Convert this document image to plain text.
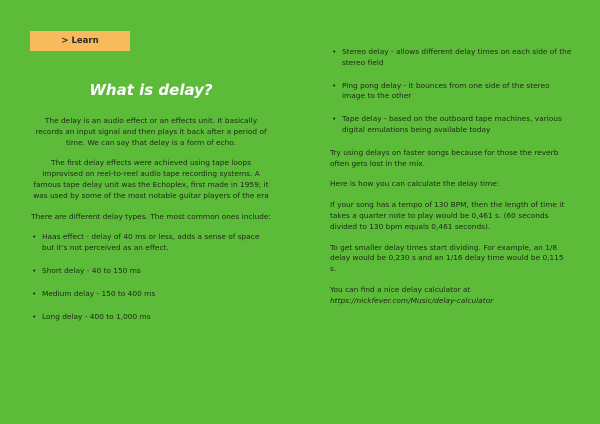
> Learn
What is delay?

The delay is an audio effect or an effects unit. It basically records an input signal and then plays it back after a period of time. We can say that delay is a form of echo.

The first delay effects were achieved using tape loops improvised on reel-to-reel audio tape recording systems. A famous tape delay unit was the Echoplex, first made in 1959; it was used by some of the most notable guitar players of the era

There are different delay types. The most common ones include:

• Haas effect - delay of 40 ms or less, adds a sense of space but it's not perceived as an effect.
• Short delay - 40 to 150 ms
• Medium delay - 150 to 400 ms
• Long delay - 400 to 1,000 ms
• Stereo delay - allows different delay times on each side of the stereo field
• Ping pong delay - it bounces from one side of the stereo image to the other
• Tape delay - based on the outboard tape machines, various digital emulations being available today

Try using delays on faster songs because for those the reverb often gets lost in the mix.

Here is how you can calculate the delay time:

If your song has a tempo of 130 BPM, then the length of time it takes a quarter note to play would be 0,461 s. (60 seconds divided to 130 bpm equals 0,461 seconds).

To get smaller delay times start dividing. For example, an 1/8 delay would be 0,230 s and an 1/16 delay time would be 0,115 s.

You can find a nice delay calculator at
https://nickfever.com/Music/delay-calculator
